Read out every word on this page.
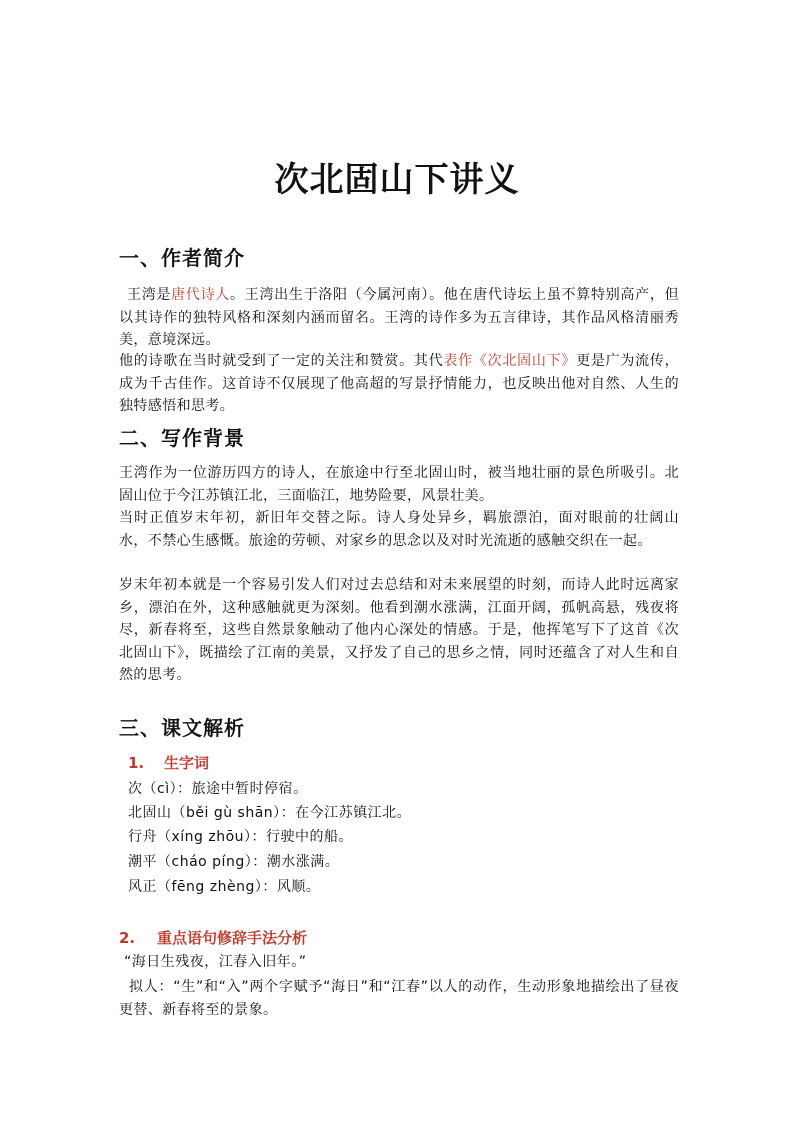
次北固山下讲义
一、作者简介
王湾是唐代诗人。王湾出生于洛阳（今属河南）。他在唐代诗坛上虽不算特别高产，但以其诗作的独特风格和深刻内涵而留名。王湾的诗作多为五言律诗，其作品风格清丽秀美，意境深远。
他的诗歌在当时就受到了一定的关注和赞赏。其代表作《次北固山下》更是广为流传，成为千古佳作。这首诗不仅展现了他高超的写景抒情能力，也反映出他对自然、人生的独特感悟和思考。
二、写作背景
王湾作为一位游历四方的诗人，在旅途中行至北固山时，被当地壮丽的景色所吸引。北固山位于今江苏镇江北，三面临江，地势险要，风景壮美。
当时正值岁末年初，新旧年交替之际。诗人身处异乡，羁旅漂泊，面对眼前的壮阔山水，不禁心生感慨。旅途的劳顿、对家乡的思念以及对时光流逝的感触交织在一起。
岁末年初本就是一个容易引发人们对过去总结和对未来展望的时刻，而诗人此时远离家乡，漂泊在外，这种感触就更为深刻。他看到潮水涨满，江面开阔，孤帆高悬，残夜将尽，新春将至，这些自然景象触动了他内心深处的情感。于是，他挥笔写下了这首《次北固山下》，既描绘了江南的美景，又抒发了自己的思乡之情，同时还蕴含了对人生和自然的思考。
三、课文解析
1. 生字词
次（cì）：旅途中暂时停宿。
北固山（běi gù shān）：在今江苏镇江北。
行舟（xíng zhōu）：行驶中的船。
潮平（cháo píng）：潮水涨满。
风正（fēng zhèng）：风顺。
2. 重点语句修辞手法分析
“海日生残夜，江春入旧年。”
拟人：“生”和“入”两个字赋予“海日”和“江春”以人的动作，生动形象地描绘出了昼夜更替、新春将至的景象。
